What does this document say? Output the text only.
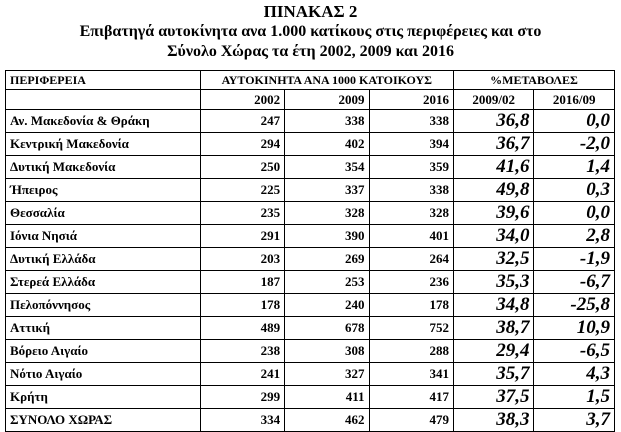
ΠΙΝΑΚΑΣ 2
Επιβατηγά αυτοκίνητα ανα 1.000 κατίκους στις περιφέρειες και στο
Σύνολο Χώρας τα έτη 2002, 2009 και 2016
ΠΕΡΙΦΕΡΕΙΑ	ΑΥΤΟΚΙΝΗΤΑ ΑΝΑ 1000 ΚΑΤΟΙΚΟΥΣ			%ΜΕΤΑΒΟΛΕΣ	
	2002	2009	2016	2009/02	2016/09
Αν. Μακεδονία & Θράκη	247	338	338	36,8	0,0
Κεντρική Μακεδονία	294	402	394	36,7	-2,0
Δυτική Μακεδονία	250	354	359	41,6	1,4
Ήπειρος	225	337	338	49,8	0,3
Θεσσαλία	235	328	328	39,6	0,0
Ιόνια Νησιά	291	390	401	34,0	2,8
Δυτική Ελλάδα	203	269	264	32,5	-1,9
Στερεά Ελλάδα	187	253	236	35,3	-6,7
Πελοπόννησος	178	240	178	34,8	-25,8
Αττική	489	678	752	38,7	10,9
Βόρειο Αιγαίο	238	308	288	29,4	-6,5
Νότιο Αιγαίο	241	327	341	35,7	4,3
Κρήτη	299	411	417	37,5	1,5
ΣΥΝΟΛΟ ΧΩΡΑΣ	334	462	479	38,3	3,7
